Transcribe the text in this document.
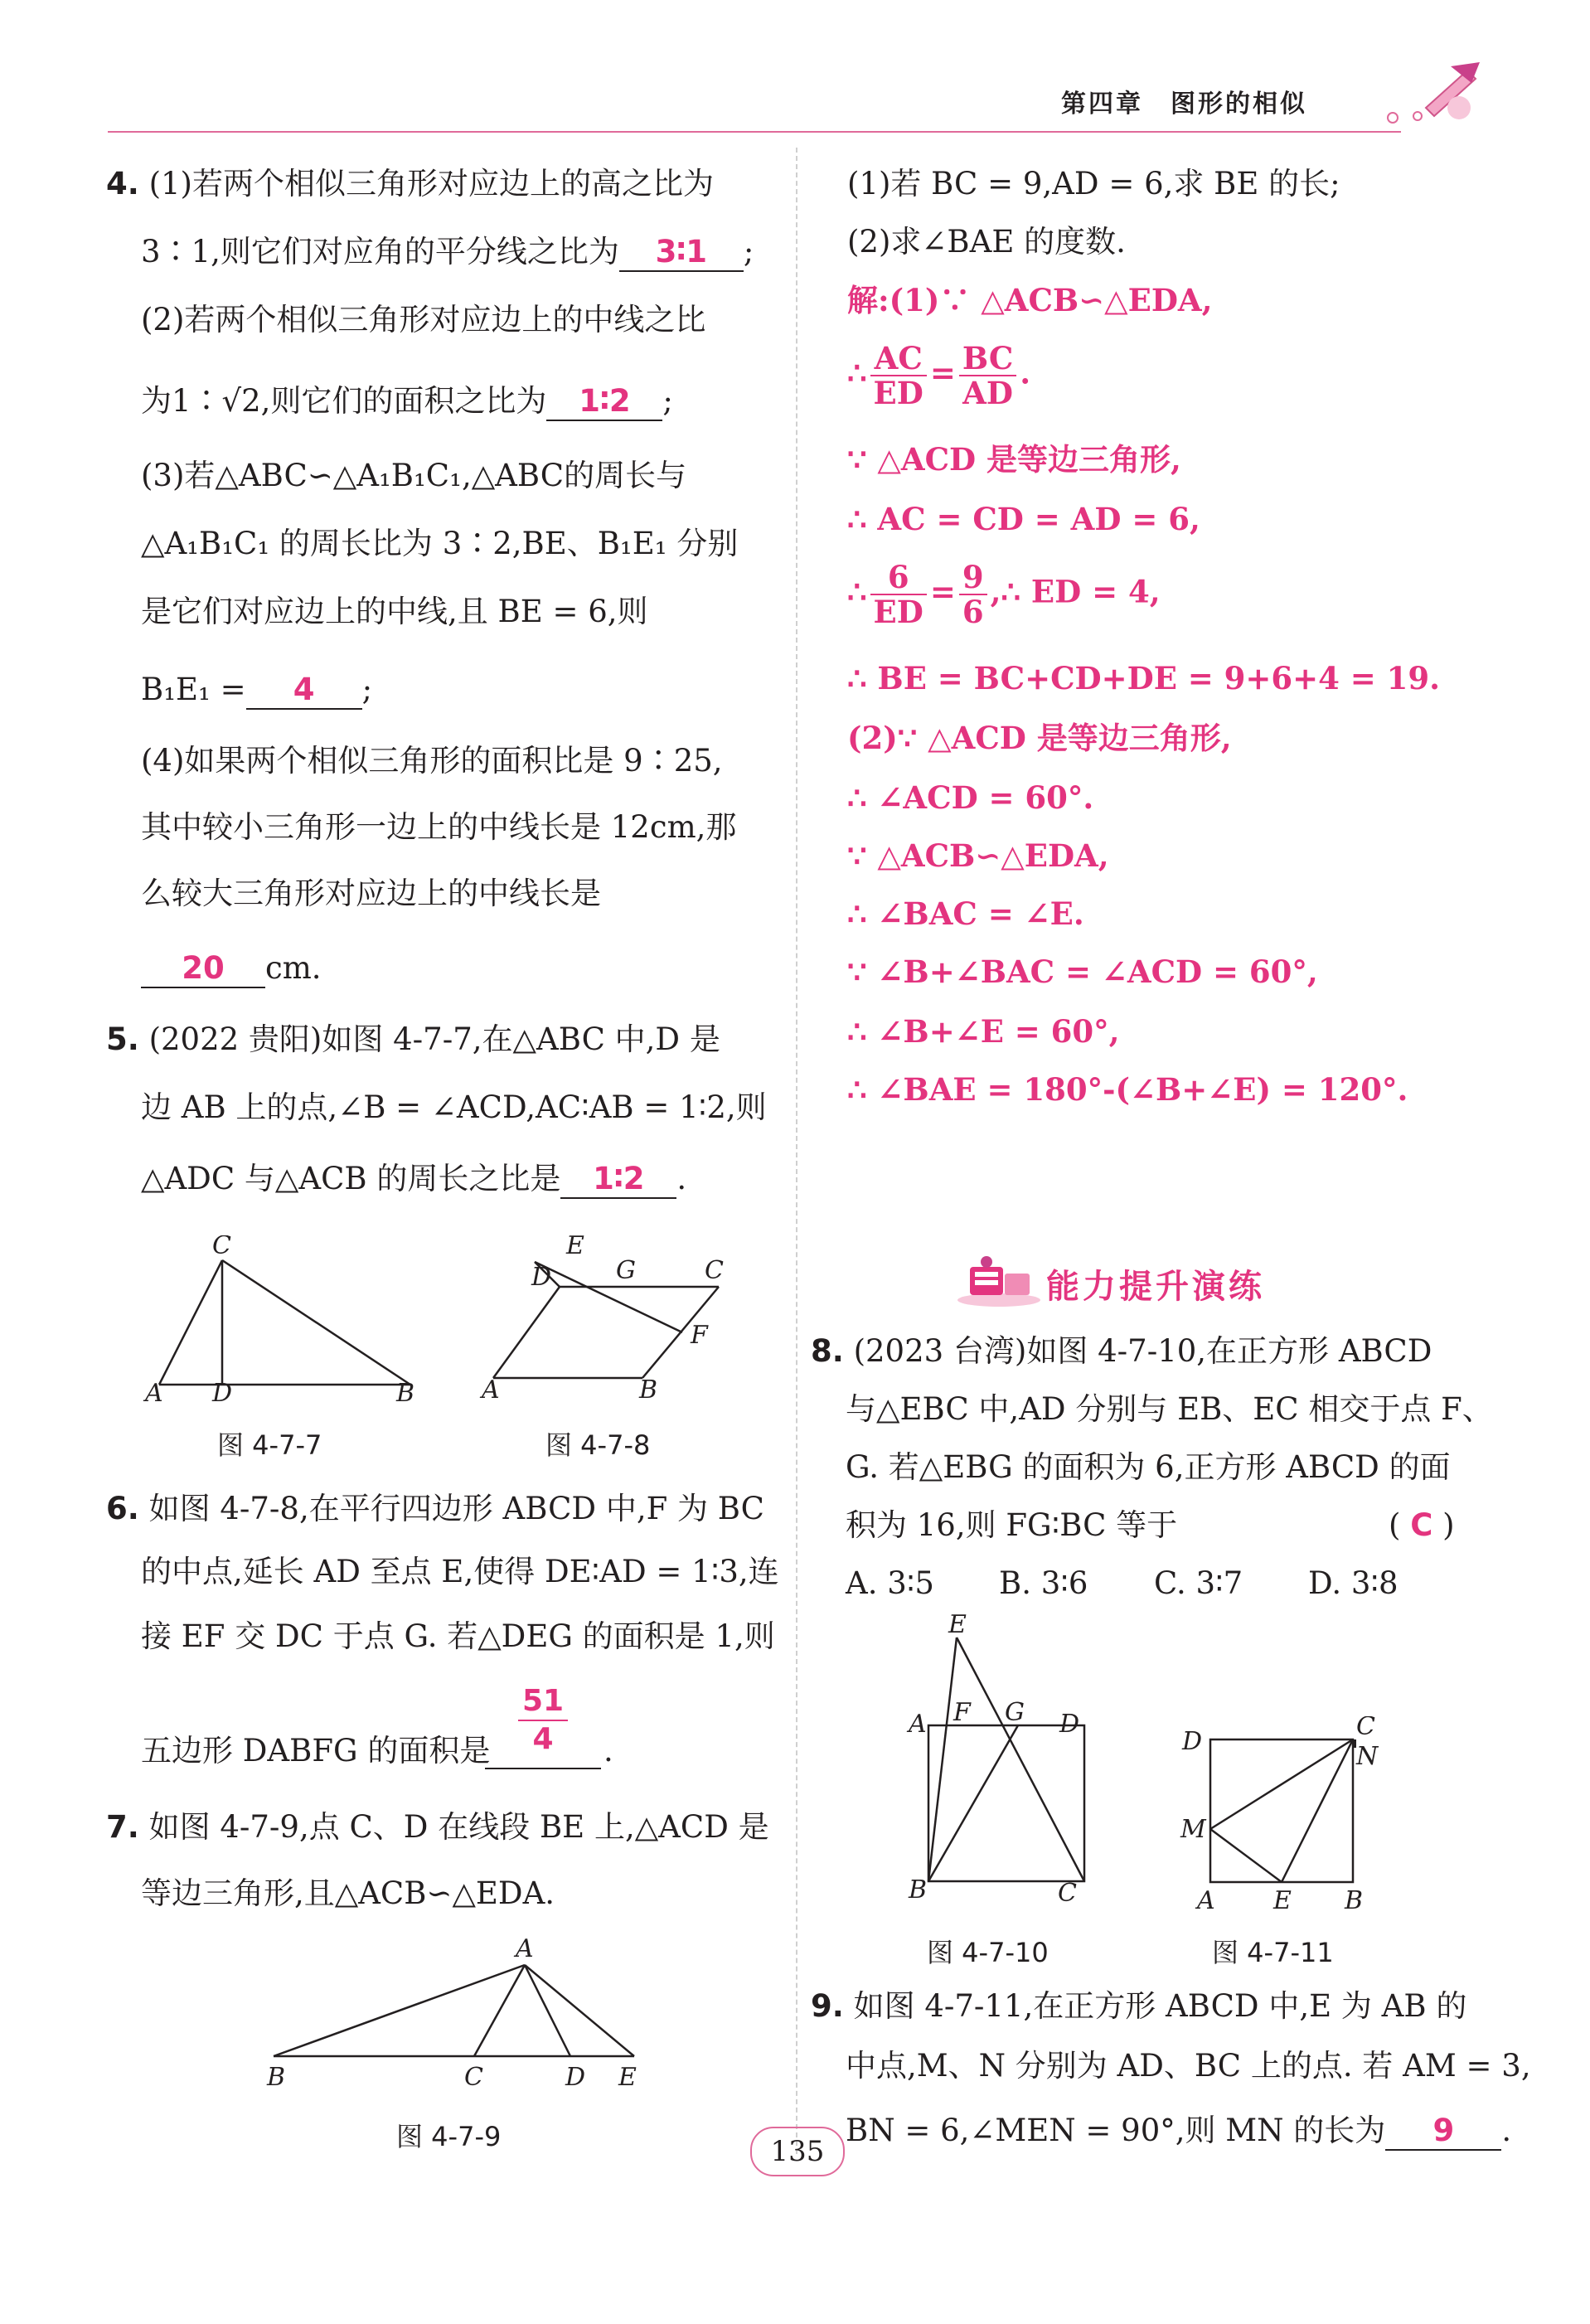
第四章　图形的相似
4. (1)若两个相似三角形对应边上的高之比为
3∶1,则它们对应角的平分线之比为 3∶1 ;
(2)若两个相似三角形对应边上的中线之比
为1∶√2,则它们的面积之比为 1∶2 ;
(3)若△ABC∽△A₁B₁C₁,△ABC的周长与
△A₁B₁C₁ 的周长比为 3∶2,BE、B₁E₁ 分别
是它们对应边上的中线,且 BE = 6,则
B₁E₁ = 4 ;
(4)如果两个相似三角形的面积比是 9∶25,
其中较小三角形一边上的中线长是 12cm,那
么较大三角形对应边上的中线长是
20 cm.
5. (2022 贵阳)如图 4-7-7,在△ABC 中,D 是
边 AB 上的点,∠B = ∠ACD,AC∶AB = 1∶2,则
△ADC 与△ACB 的周长之比是 1∶2 .
C
A D	B
图 4-7-7
E
D	G	C
F
A	B
图 4-7-8
6. 如图 4-7-8,在平行四边形 ABCD 中,F 为 BC
的中点,延长 AD 至点 E,使得 DE∶AD = 1∶3,连
接 EF 交 DC 于点 G. 若△DEG 的面积是 1,则
五边形 DABFG 的面积是
$\frac{51}{4}$ .
7. 如图 4-7-9,点 C、D 在线段 BE 上,△ACD 是
等边三角形,且△ACB∽△EDA.
A
B	C	D E
图 4-7-9
(1)若 BC = 9,AD = 6,求 BE 的长;
(2)求∠BAE 的度数.
解:(1)∵ △ACB∽△EDA,
∴ $\frac{AC}{ED} = \frac{BC}{AD}$ .
∵ △ACD 是等边三角形,
∴ AC = CD = AD = 6,
∴ $\frac{6}{ED} = \frac{9}{6}$ ,∴ ED = 4,
∴ BE = BC+CD+DE = 9+6+4 = 19.
(2)∵ △ACD 是等边三角形,
∴ ∠ACD = 60°.
∵ △ACB∽△EDA,
∴ ∠BAC = ∠E.
∵ ∠B+∠BAC = ∠ACD = 60°,
∴ ∠B+∠E = 60°,
∴ ∠BAE = 180°-(∠B+∠E) = 120°.
能力提升演练
8. (2023 台湾)如图 4-7-10,在正方形 ABCD
与△EBC 中,AD 分别与 EB、EC 相交于点 F、
G. 若△EBG 的面积为 6,正方形 ABCD 的面
积为 16,则 FG∶BC 等于	( C )
A. 3∶5 B. 3∶6 C. 3∶7 D. 3∶8
E
A F G D
B	C
图 4-7-10
D
C
N
M
A E B
图 4-7-11
9. 如图 4-7-11,在正方形 ABCD 中,E 为 AB 的
中点,M、N 分别为 AD、BC 上的点. 若 AM = 3,
BN = 6,∠MEN = 90°,则 MN 的长为 9 .
135
